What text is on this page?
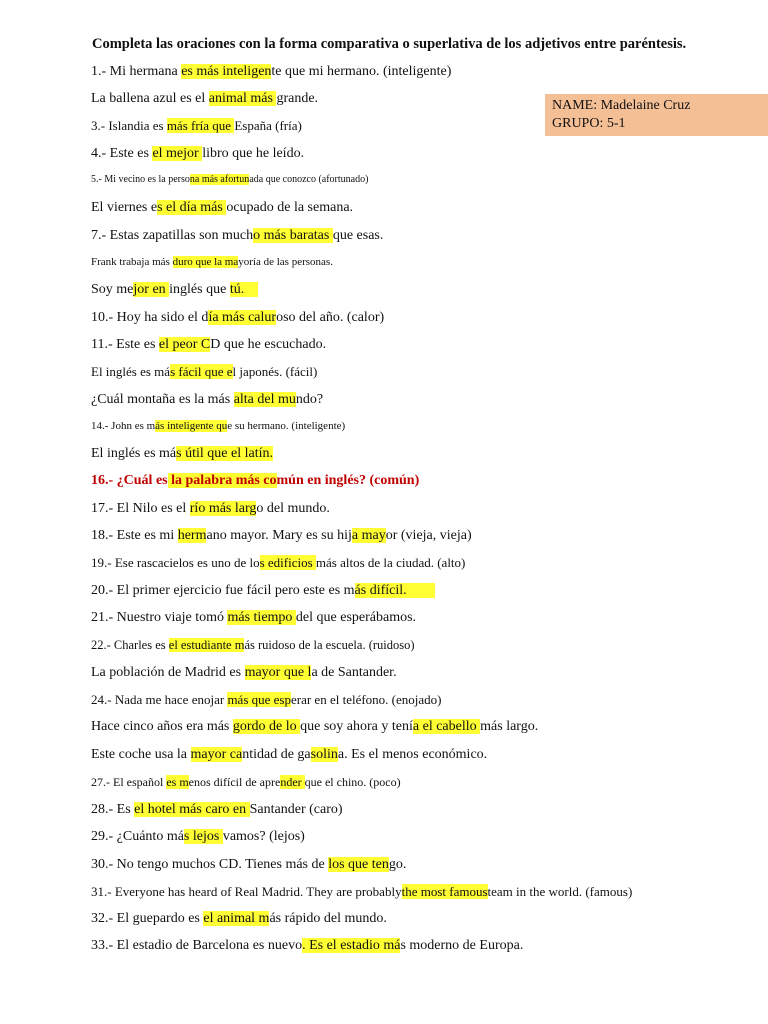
Completa las oraciones con la forma comparativa o superlativa de los adjetivos entre paréntesis.
NAME: Madelaine Cruz
GRUPO: 5-1
1.- Mi hermana es más inteligente que mi hermano. (inteligente)
La ballena azul es el animal más grande.
3.- Islandia es más fría que España (fría)
4.- Este es el mejor libro que he leído.
5.- Mi vecino es la persona más afortunada que conozco (afortunado)
El viernes es el día más ocupado de la semana.
7.- Estas zapatillas son mucho más baratas que esas.
Frank trabaja más duro que la mayoría de las personas.
Soy mejor en inglés que tú.
10.- Hoy ha sido el día más caluroso del año. (calor)
11.- Este es el peor CD que he escuchado.
El inglés es más fácil que el japonés. (fácil)
¿Cuál montaña es la más alta del mundo?
14.- John es más inteligente que su hermano. (inteligente)
El inglés es más útil que el latín.
16.- ¿Cuál es la palabra más común en inglés? (común)
17.- El Nilo es el río más largo del mundo.
18.- Este es mi hermano mayor. Mary es su hija mayor (vieja, vieja)
19.- Ese rascacielos es uno de los edificios más altos de la ciudad. (alto)
20.- El primer ejercicio fue fácil pero este es más difícil.
21.- Nuestro viaje tomó más tiempo del que esperábamos.
22.- Charles es el estudiante más ruidoso de la escuela. (ruidoso)
La población de Madrid es mayor que la de Santander.
24.- Nada me hace enojar más que esperar en el teléfono. (enojado)
Hace cinco años era más gordo de lo que soy ahora y tenía el cabello más largo.
Este coche usa la mayor cantidad de gasolina. Es el menos económico.
27.- El español es menos difícil de aprender que el chino. (poco)
28.- Es el hotel más caro en Santander (caro)
29.- ¿Cuánto más lejos vamos? (lejos)
30.- No tengo muchos CD. Tienes más de los que tengo.
31.- Everyone has heard of Real Madrid. They are probablythe most famousteam in the world. (famous)
32.- El guepardo es el animal más rápido del mundo.
33.- El estadio de Barcelona es nuevo. Es el estadio más moderno de Europa.
